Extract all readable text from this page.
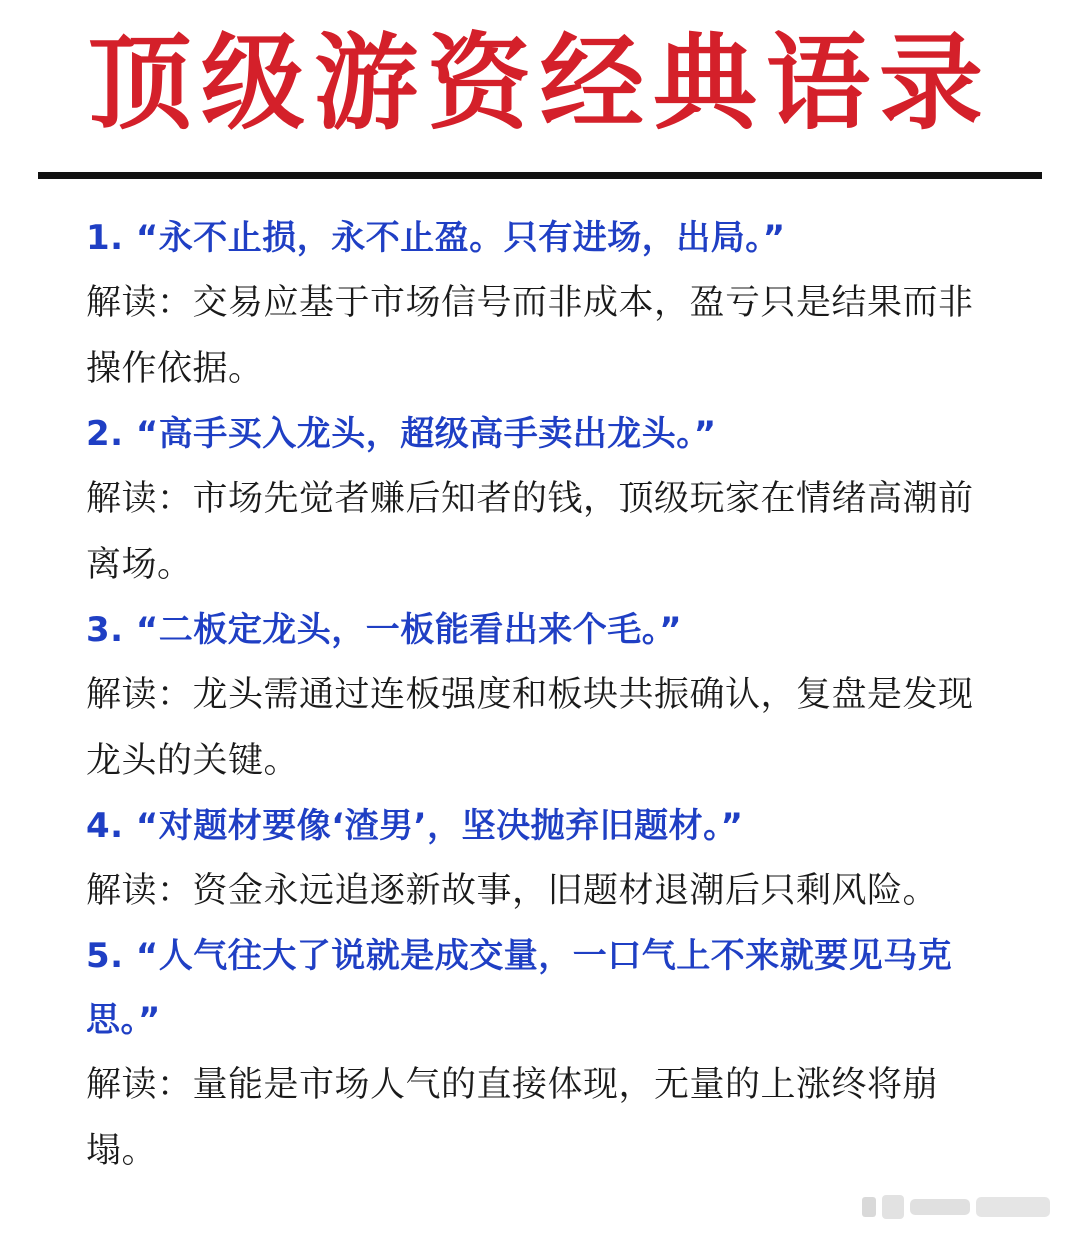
顶级游资经典语录

1. “永不止损，永不止盈。只有进场，出局。”

解读：交易应基于市场信号而非成本，盈亏只是结果而非操作依据。

2. “高手买入龙头，超级高手卖出龙头。”

解读：市场先觉者赚后知者的钱，顶级玩家在情绪高潮前离场。

3. “二板定龙头，一板能看出来个毛。”

解读：龙头需通过连板强度和板块共振确认，复盘是发现龙头的关键。

4. “对题材要像‘渣男’，坚决抛弃旧题材。”

解读：资金永远追逐新故事，旧题材退潮后只剩风险。

5. “人气往大了说就是成交量，一口气上不来就要见马克思。”

解读：量能是市场人气的直接体现，无量的上涨终将崩塌。
